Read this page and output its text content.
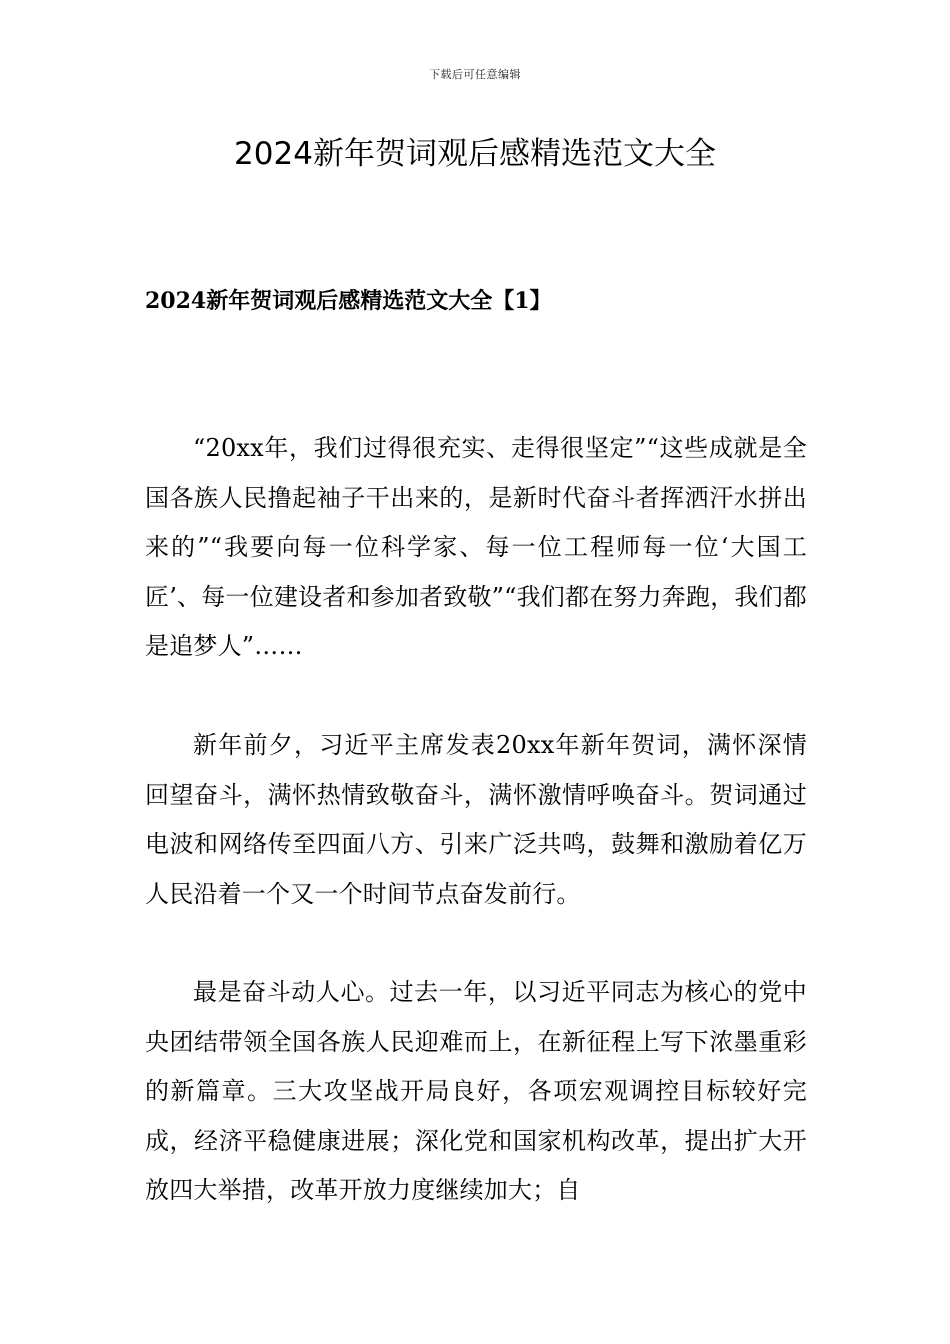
下载后可任意编辑
2024新年贺词观后感精选范文大全
2024新年贺词观后感精选范文大全【1】

“20xx年，我们过得很充实、走得很坚定”“这些成就是全国各族人民撸起袖子干出来的，是新时代奋斗者挥洒汗水拼出来的”“我要向每一位科学家、每一位工程师每一位‘大国工匠’、每一位建设者和参加者致敬”“我们都在努力奔跑，我们都是追梦人”……

新年前夕，习近平主席发表20xx年新年贺词，满怀深情回望奋斗，满怀热情致敬奋斗，满怀激情呼唤奋斗。贺词通过电波和网络传至四面八方、引来广泛共鸣，鼓舞和激励着亿万人民沿着一个又一个时间节点奋发前行。

最是奋斗动人心。过去一年，以习近平同志为核心的党中央团结带领全国各族人民迎难而上，在新征程上写下浓墨重彩的新篇章。三大攻坚战开局良好，各项宏观调控目标较好完成，经济平稳健康进展；深化党和国家机构改革，提出扩大开放四大举措，改革开放力度继续加大；自
